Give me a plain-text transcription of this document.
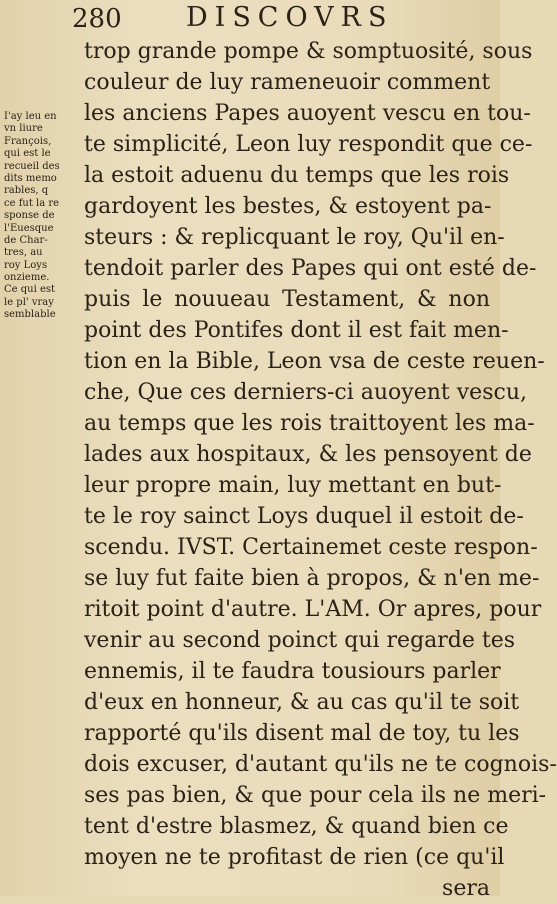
280 DISCOVRS
I'ay leu en
vn liure
François,
qui est le
recueil des
dits memo
rables, q
ce fut la re
sponse de
l'Euesque
de Char-
tres, au
roy Loys
onzieme.
Ce qui est
le pl' vray
semblable
trop grande pompe & somptuosité, sous
couleur de luy rameneuoir comment
les anciens Papes auoyent vescu en tou-
te simplicité, Leon luy respondit que ce-
la estoit aduenu du temps que les rois
gardoyent les bestes, & estoyent pa-
steurs : & replicquant le roy, Qu'il en-
tendoit parler des Papes qui ont esté de-
puis le nouueau Testament, & non
point des Pontifes dont il est fait men-
tion en la Bible, Leon vsa de ceste reuen-
che, Que ces derniers-ci auoyent vescu,
au temps que les rois traittoyent les ma-
lades aux hospitaux, & les pensoyent de
leur propre main, luy mettant en but-
te le roy sainct Loys duquel il estoit de-
scendu. IVST. Certainemet ceste respon-
se luy fut faite bien à propos, & n'en me-
ritoit point d'autre. L'AM. Or apres, pour
venir au second poinct qui regarde tes
ennemis, il te faudra tousiours parler
d'eux en honneur, & au cas qu'il te soit
rapporté qu'ils disent mal de toy, tu les
dois excuser, d'autant qu'ils ne te cognois-
ses pas bien, & que pour cela ils ne meri-
tent d'estre blasmez, & quand bien ce
moyen ne te profitast de rien (ce qu'il
sera
